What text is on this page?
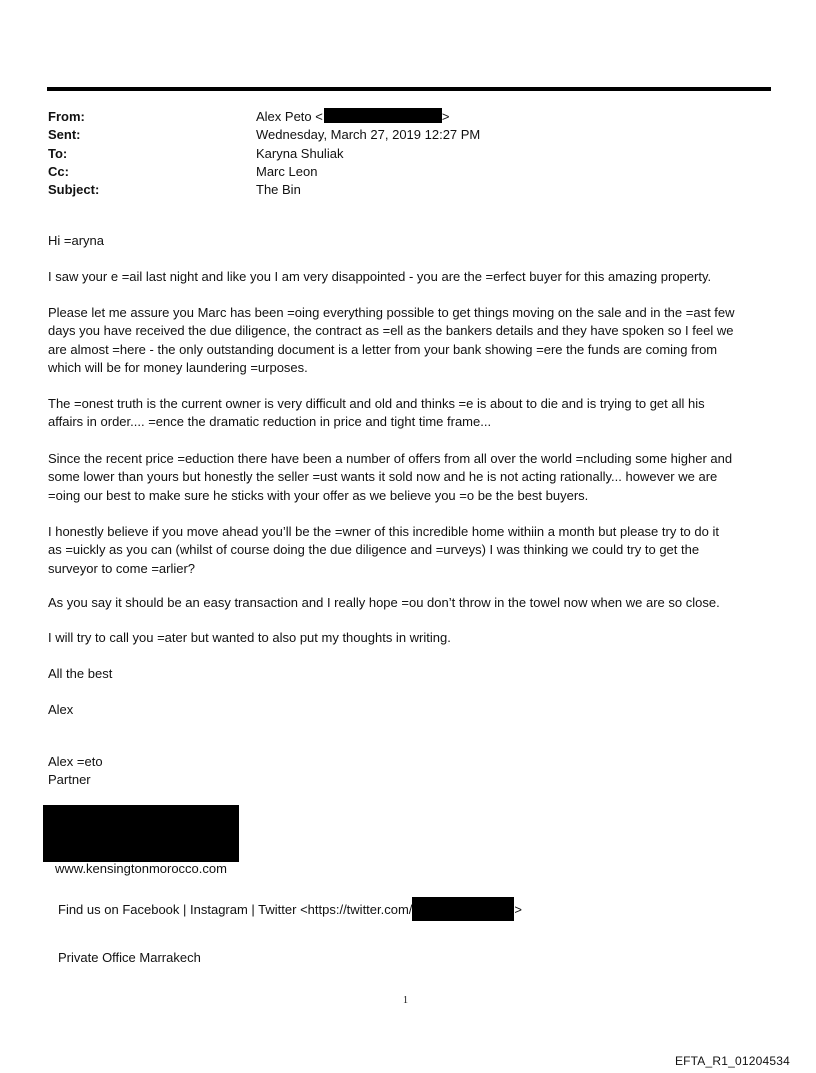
From:	Alex Peto <	>
Sent:	Wednesday, March 27, 2019 12:27 PM
To:	Karyna Shuliak
Cc:	Marc Leon
Subject:	The Bin

Hi =aryna

I saw your e =ail last night and like you I am very disappointed - you are the =erfect buyer for this amazing property.

Please let me assure you Marc has been =oing everything possible to get things moving on the sale and in the =ast few

days you have received the due diligence, the contract as =ell as the bankers details and they have spoken so I feel we

are almost =here - the only outstanding document is a letter from your bank showing =ere the funds are coming from

which will be for money laundering =urposes.

The =onest truth is the current owner is very difficult and old and thinks =e is about to die and is trying to get all his

affairs in order.... =ence the dramatic reduction in price and tight time frame...

Since the recent price =eduction there have been a number of offers from all over the world =ncluding some higher and

some lower than yours but honestly the seller =ust wants it sold now and he is not acting rationally... however we are

=oing our best to make sure he sticks with your offer as we believe you =o be the best buyers.

I honestly believe if you move ahead you’ll be the =wner of this incredible home withiin a month but please try to do it

as =uickly as you can (whilst of course doing the due diligence and =urveys) I was thinking we could try to get the

surveyor to come =arlier?

As you say it should be an easy transaction and I really hope =ou don’t throw in the towel now when we are so close.

I will try to call you =ater but wanted to also put my thoughts in writing.

All the best
Alex
Alex =eto
Partner
www.kensingtonmorocco.com
Find us on Facebook | Instagram | Twitter <https://twitter.com/	>
Private Office Marrakech
1
EFTA_R1_01204534
